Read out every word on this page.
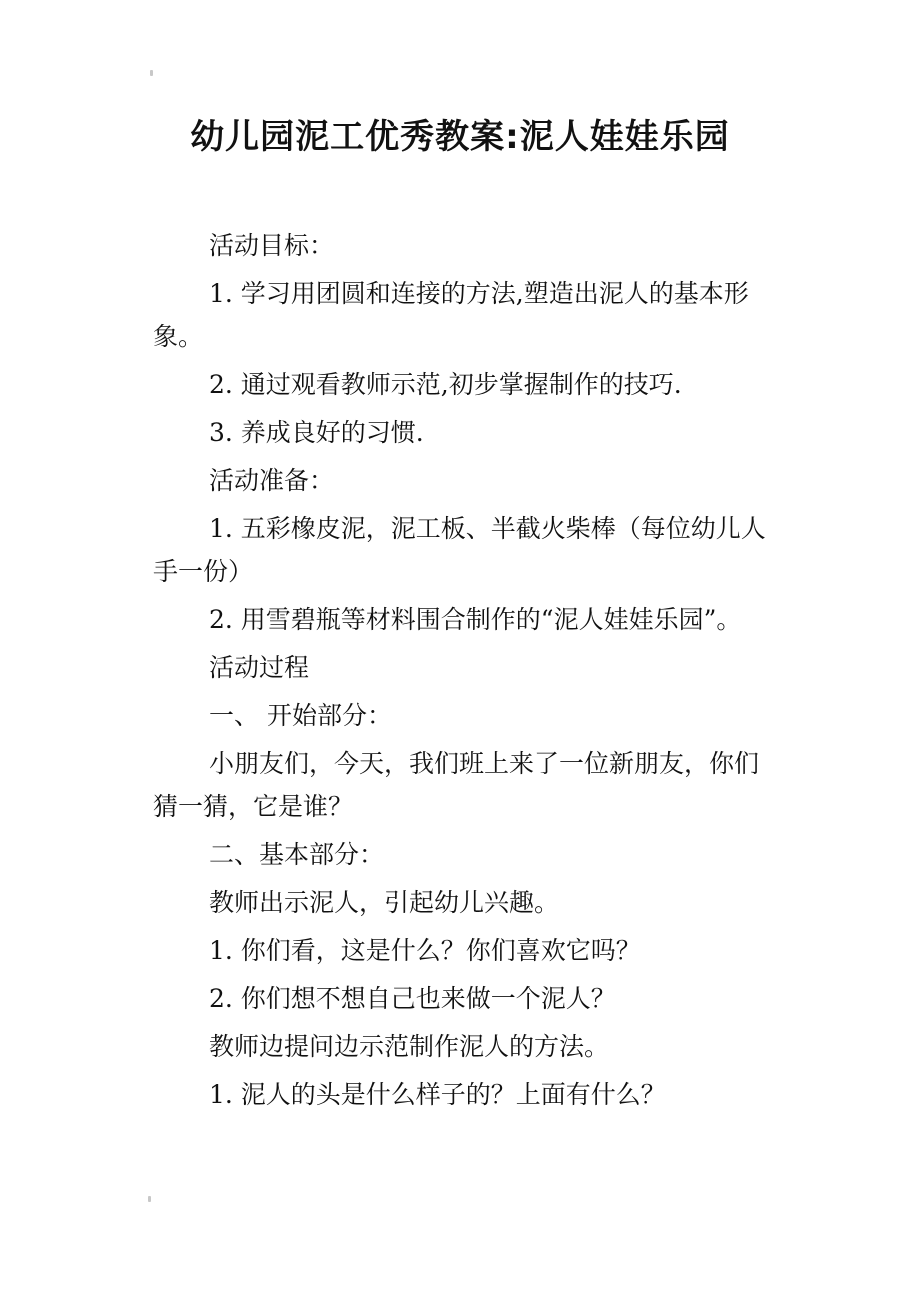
幼儿园泥工优秀教案:泥人娃娃乐园

活动目标：

1. 学习用团圆和连接的方法,塑造出泥人的基本形象。

2. 通过观看教师示范,初步掌握制作的技巧.

3. 养成良好的习惯.

活动准备：

1. 五彩橡皮泥，泥工板、半截火柴棒（每位幼儿人手一份）

2. 用雪碧瓶等材料围合制作的“泥人娃娃乐园”。

活动过程

一、 开始部分：

小朋友们，今天，我们班上来了一位新朋友，你们猜一猜，它是谁？

二、基本部分：

教师出示泥人，引起幼儿兴趣。

1. 你们看，这是什么？你们喜欢它吗？

2. 你们想不想自己也来做一个泥人？

教师边提问边示范制作泥人的方法。

1. 泥人的头是什么样子的？上面有什么？
